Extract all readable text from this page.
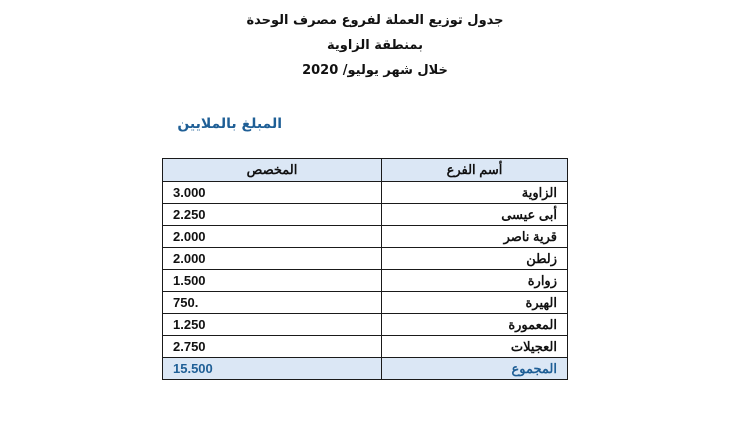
جدول توزيع العملة لفروع مصرف الوحدة
بمنطقة الزاوية
خلال شهر يوليو/ 2020
المبلغ بالملايين
أسم الفرع	المخصص
الزاوية	3.000
أبى عيسى	2.250
قرية ناصر	2.000
زلطن	2.000
زوارة	1.500
الهيرة	.750
المعمورة	1.250
العجيلات	2.750
المجموع	15.500
